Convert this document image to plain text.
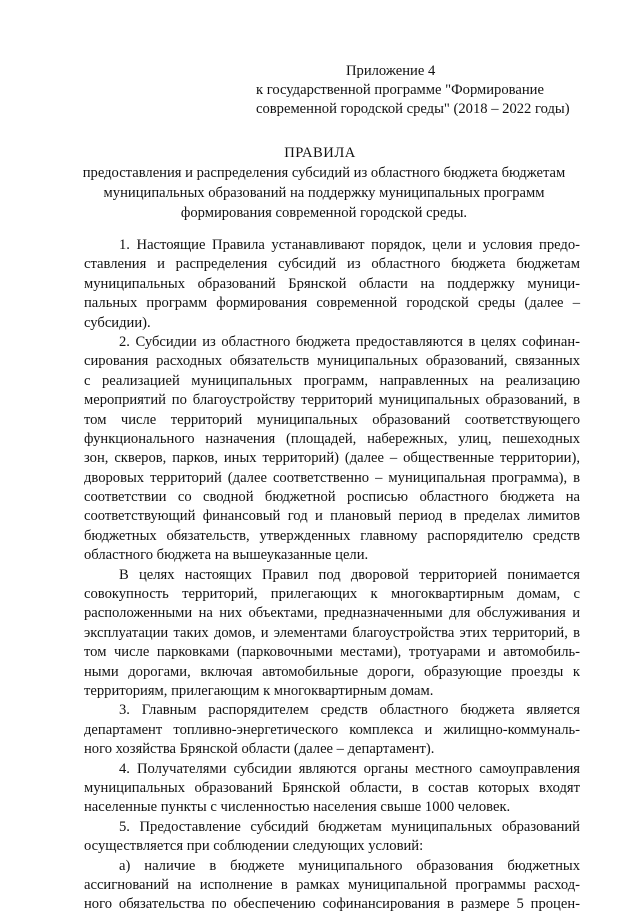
Приложение 4
к государственной программе "Формирование
современной городской среды" (2018 – 2022 годы)
ПРАВИЛА
предоставления и распределения субсидий из областного бюджета бюджетам
муниципальных образований на поддержку муниципальных программ
формирования современной городской среды.
1. Настоящие Правила устанавливают порядок, цели и условия предо-
ставления и распределения субсидий из областного бюджета бюджетам
муниципальных образований Брянской области на поддержку муници-
пальных программ формирования современной городской среды (далее –
субсидии).
2. Субсидии из областного бюджета предоставляются в целях софинан-
сирования расходных обязательств муниципальных образований, связанных
с реализацией муниципальных программ, направленных на реализацию
мероприятий по благоустройству территорий муниципальных образований, в
том числе территорий муниципальных образований соответствующего
функционального назначения (площадей, набережных, улиц, пешеходных
зон, скверов, парков, иных территорий) (далее – общественные территории),
дворовых территорий (далее соответственно – муниципальная программа), в
соответствии со сводной бюджетной росписью областного бюджета на
соответствующий финансовый год и плановый период в пределах лимитов
бюджетных обязательств, утвержденных главному распорядителю средств
областного бюджета на вышеуказанные цели.
В целях настоящих Правил под дворовой территорией понимается
совокупность территорий, прилегающих к многоквартирным домам, с
расположенными на них объектами, предназначенными для обслуживания и
эксплуатации таких домов, и элементами благоустройства этих территорий, в
том числе парковками (парковочными местами), тротуарами и автомобиль-
ными дорогами, включая автомобильные дороги, образующие проезды к
территориям, прилегающим к многоквартирным домам.
3. Главным распорядителем средств областного бюджета является
департамент топливно-энергетического комплекса и жилищно-коммуналь-
ного хозяйства Брянской области (далее – департамент).
4. Получателями субсидии являются органы местного самоуправления
муниципальных образований Брянской области, в состав которых входят
населенные пункты с численностью населения свыше 1000 человек.
5. Предоставление субсидий бюджетам муниципальных образований
осуществляется при соблюдении следующих условий:
а) наличие в бюджете муниципального образования бюджетных
ассигнований на исполнение в рамках муниципальной программы расход-
ного обязательства по обеспечению софинансирования в размере 5 процен-
